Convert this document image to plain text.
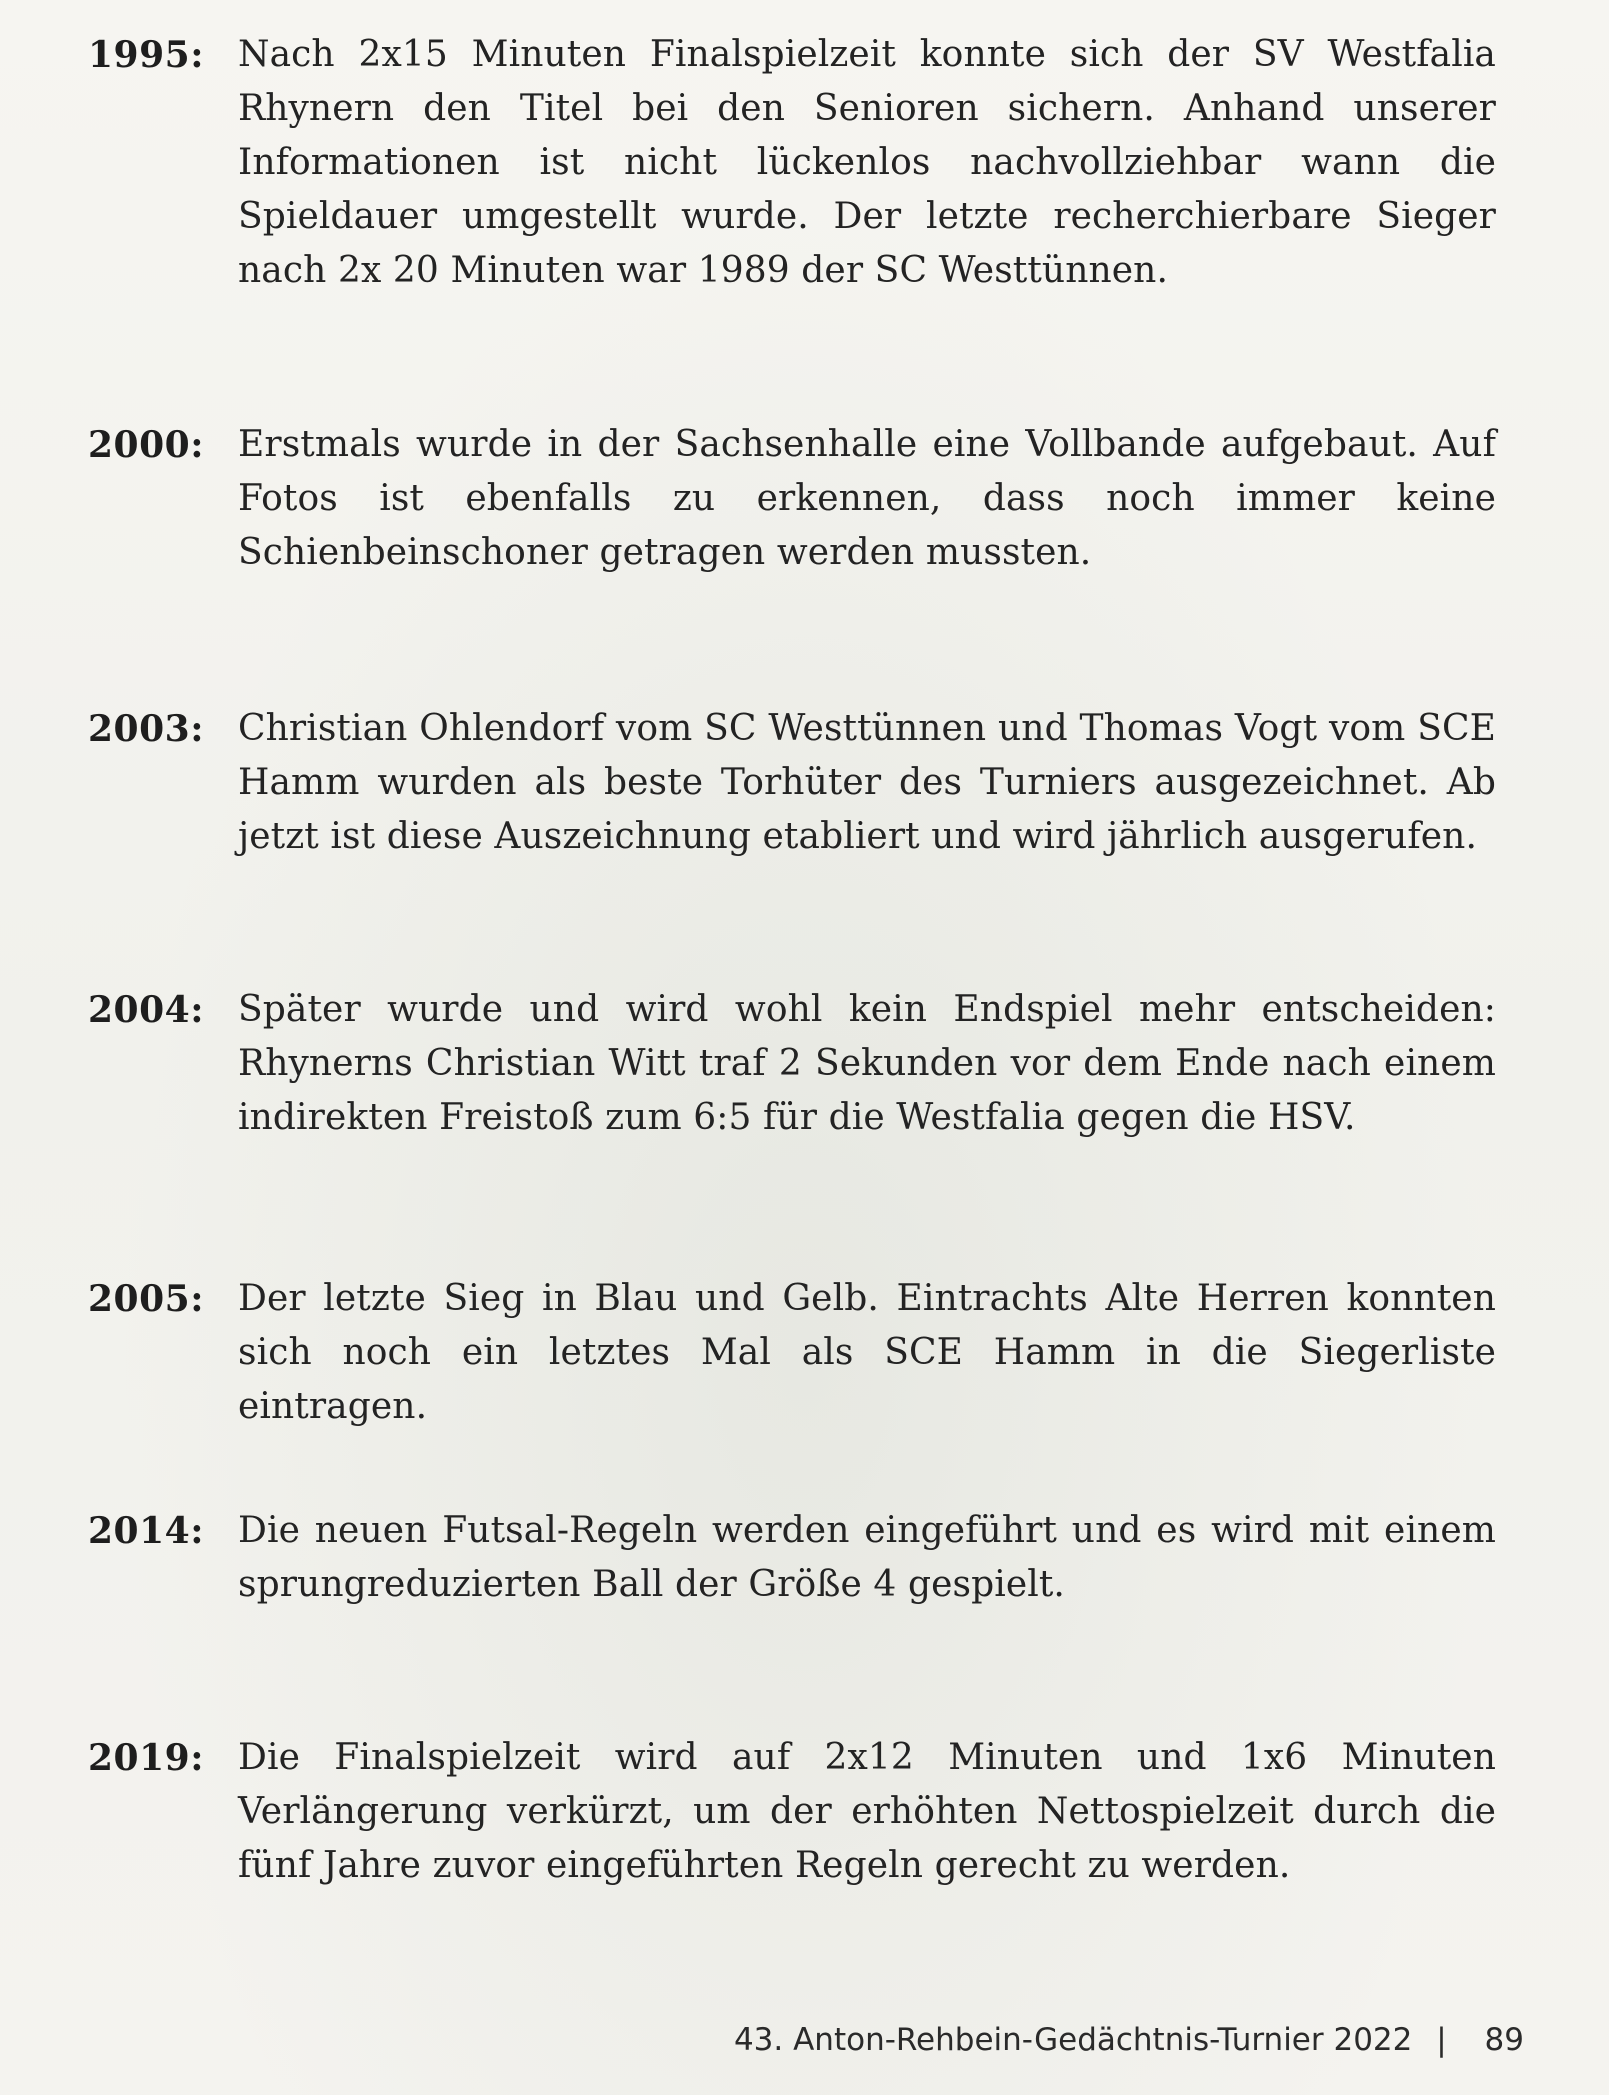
1995: Nach 2x15 Minuten Finalspielzeit konnte sich der SV Westfalia Rhynern den Titel bei den Senioren sichern. Anhand unserer Informationen ist nicht lückenlos nachvollziehbar wann die Spieldauer umgestellt wurde. Der letzte recherchierbare Sieger nach 2x 20 Minuten war 1989 der SC Westtünnen.
2000: Erstmals wurde in der Sachsenhalle eine Vollbande aufgebaut. Auf Fotos ist ebenfalls zu erkennen, dass noch immer keine Schienbeinschoner getragen werden mussten.
2003: Christian Ohlendorf vom SC Westtünnen und Thomas Vogt vom SCE Hamm wurden als beste Torhüter des Turniers ausgezeichnet. Ab jetzt ist diese Auszeichnung etabliert und wird jährlich ausgerufen.
2004: Später wurde und wird wohl kein Endspiel mehr entscheiden: Rhynerns Christian Witt traf 2 Sekunden vor dem Ende nach einem indirekten Freistoß zum 6:5 für die Westfalia gegen die HSV.
2005: Der letzte Sieg in Blau und Gelb. Eintrachts Alte Herren konnten sich noch ein letztes Mal als SCE Hamm in die Siegerliste eintragen.
2014: Die neuen Futsal-Regeln werden eingeführt und es wird mit einem sprungreduzierten Ball der Größe 4 gespielt.
2019: Die Finalspielzeit wird auf 2x12 Minuten und 1x6 Minuten Verlängerung verkürzt, um der erhöhten Nettospielzeit durch die fünf Jahre zuvor eingeführten Regeln gerecht zu werden.
43. Anton-Rehbein-Gedächtnis-Turnier 2022 | 89
